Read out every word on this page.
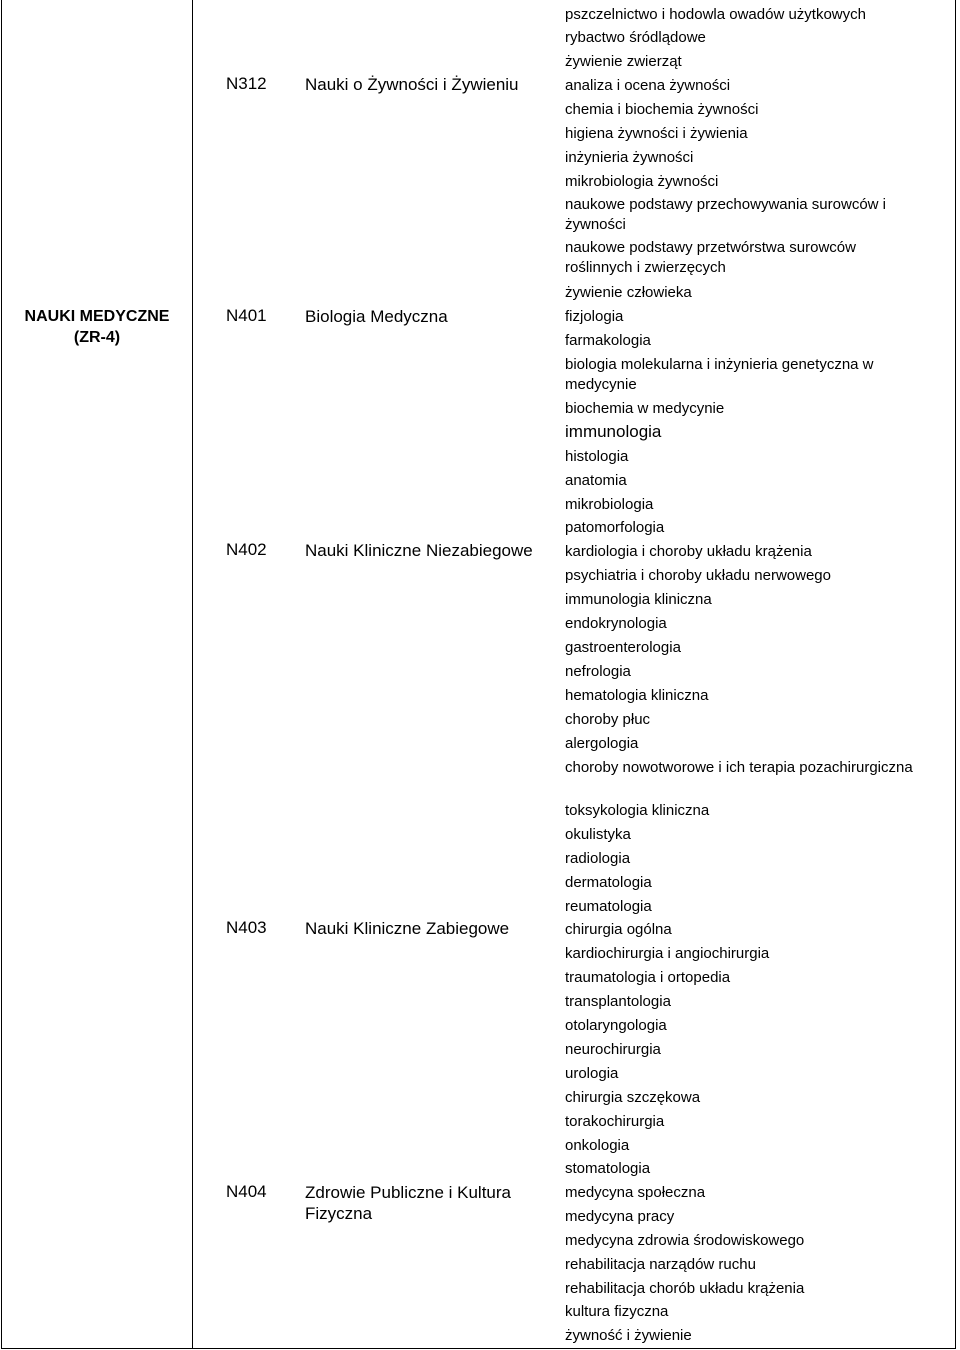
NAUKI MEDYCZNE
(ZR-4)
N312 Nauki o Żywności i Żywieniu
N401 Biologia Medyczna
N402 Nauki Kliniczne Niezabiegowe
N403 Nauki Kliniczne Zabiegowe
N404 Zdrowie Publiczne i Kultura Fizyczna
pszczelnictwo i hodowla owadów użytkowych
rybactwo śródlądowe
żywienie zwierząt
analiza i ocena żywności
chemia i biochemia żywności
higiena żywności i żywienia
inżynieria żywności
mikrobiologia żywności
naukowe podstawy przechowywania surowców i żywności
naukowe podstawy przetwórstwa surowców roślinnych i zwierzęcych
żywienie człowieka
fizjologia
farmakologia
biologia molekularna i inżynieria genetyczna w medycynie
biochemia w medycynie
immunologia
histologia
anatomia
mikrobiologia
patomorfologia
kardiologia i choroby układu krążenia
psychiatria i choroby układu nerwowego
immunologia kliniczna
endokrynologia
gastroenterologia
nefrologia
hematologia kliniczna
choroby płuc
alergologia
choroby nowotworowe i ich terapia pozachirurgiczna
toksykologia kliniczna
okulistyka
radiologia
dermatologia
reumatologia
chirurgia ogólna
kardiochirurgia i angiochirurgia
traumatologia i ortopedia
transplantologia
otolaryngologia
neurochirurgia
urologia
chirurgia szczękowa
torakochirurgia
onkologia
stomatologia
medycyna społeczna
medycyna pracy
medycyna zdrowia środowiskowego
rehabilitacja narządów ruchu
rehabilitacja chorób układu krążenia
kultura fizyczna
żywność i żywienie
